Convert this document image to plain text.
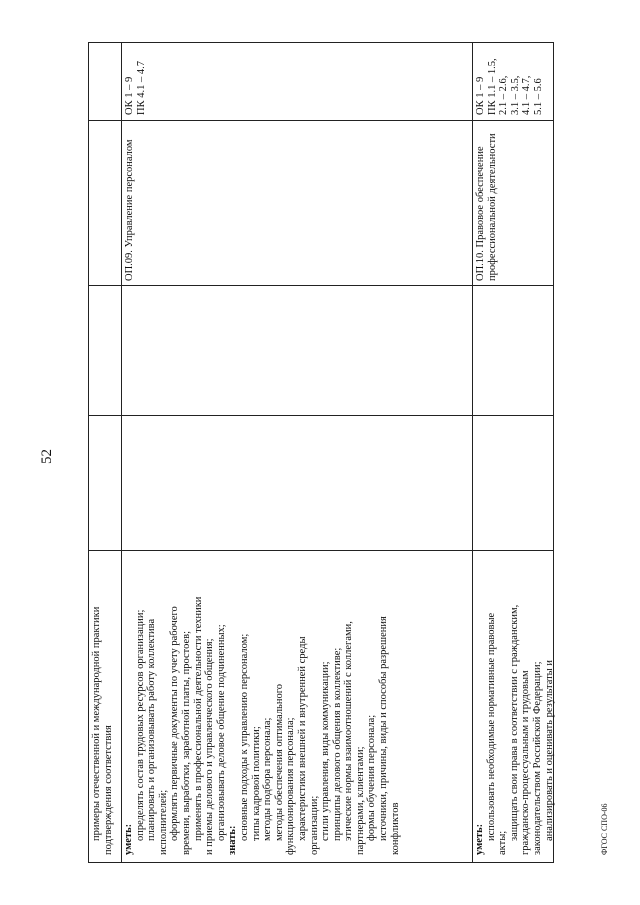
52
ФГОС СПО-06

примеры отечественной и международной практики подтверждения соответствия уметь: определять состав трудовых ресурсов организации; планировать и организовывать работу коллектива исполнителей; оформлять первичные документы по учету рабочего времени, выработки, заработной платы, простоев; применять в профессиональной деятельности техники и приемы делового и управленческого общения; организовывать деловое общение подчиненных; знать: основные подходы к управлению персоналом; типы кадровой политики; методы подбора персонала; методы обеспечения оптимального функционирования персонала; характеристики внешней и внутренней среды организации; стили управления, виды коммуникации; принципы делового общения в коллективе; этические нормы взаимоотношений с коллегами, партнерами, клиентами; формы обучения персонала; источники, причины, виды и способы разрешения конфликтов

ОП.09. Управление персоналом

ОК 1 – 9 ПК 4.1 – 4.7

уметь: использовать необходимые нормативные правовые

акты;

защищать свои права в соответствии с гражданским, гражданско-процессуальным и трудовым законодательством Российской Федерации; анализировать и оценивать результаты и

ОП.10. Правовое обеспечение профессиональной деятельности

ОК 1 – 9 ПК 1.1 – 1.5, 2.1 – 2.6, 3.1 – 3.5, 4.1 – 4.7, 5.1 – 5.6
